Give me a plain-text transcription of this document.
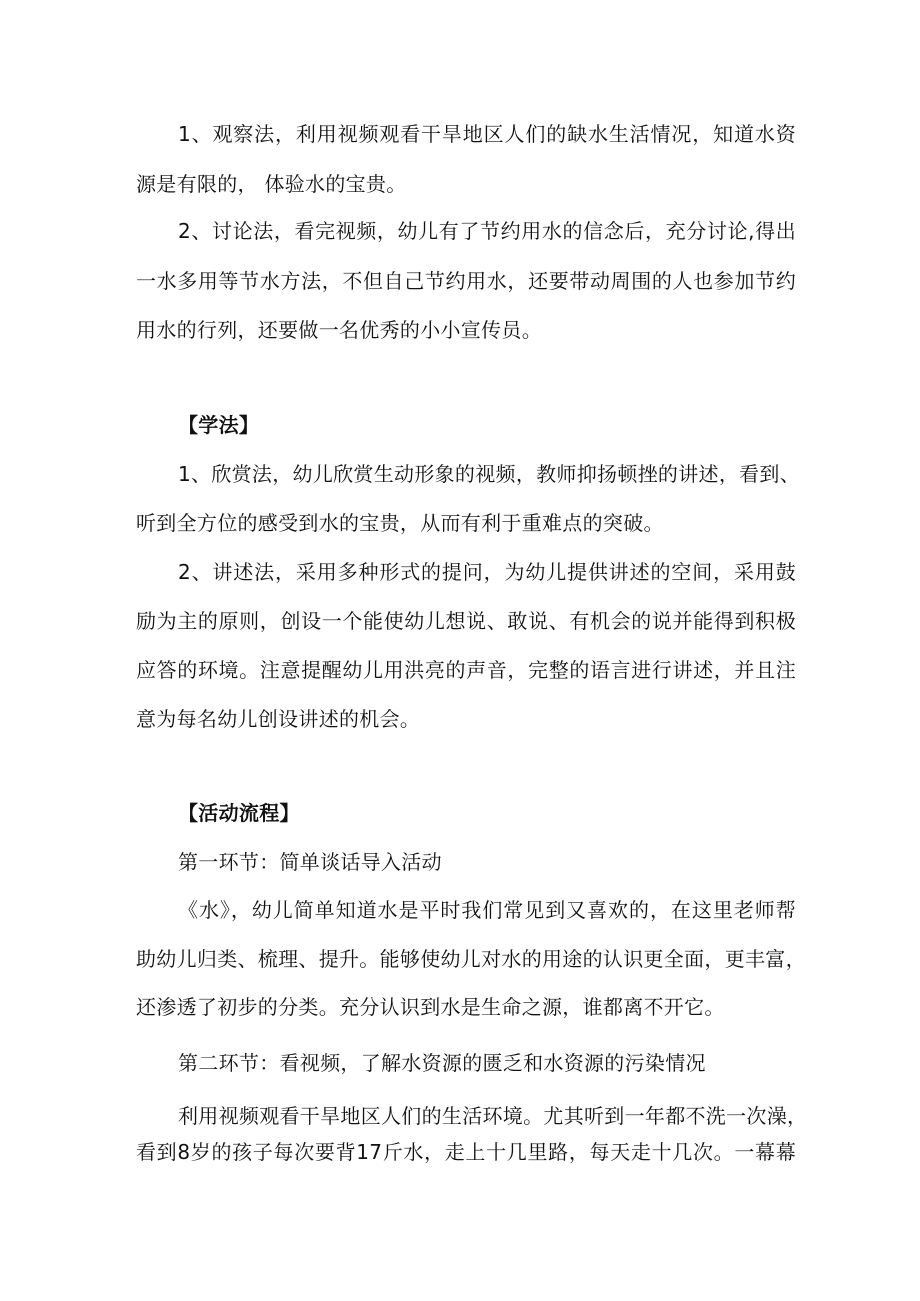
1、观察法，利用视频观看干旱地区人们的缺水生活情况，知道水资
源是有限的， 体验水的宝贵。
2、讨论法，看完视频，幼儿有了节约用水的信念后，充分讨论,得出
一水多用等节水方法，不但自己节约用水，还要带动周围的人也参加节约
用水的行列，还要做一名优秀的小小宣传员。
【学法】
1、欣赏法，幼儿欣赏生动形象的视频，教师抑扬顿挫的讲述，看到、
听到全方位的感受到水的宝贵，从而有利于重难点的突破。
2、讲述法，采用多种形式的提问，为幼儿提供讲述的空间，采用鼓
励为主的原则，创设一个能使幼儿想说、敢说、有机会的说并能得到积极
应答的环境。注意提醒幼儿用洪亮的声音，完整的语言进行讲述，并且注
意为每名幼儿创设讲述的机会。
【活动流程】
第一环节：简单谈话导入活动
《水》，幼儿简单知道水是平时我们常见到又喜欢的，在这里老师帮
助幼儿归类、梳理、提升。能够使幼儿对水的用途的认识更全面，更丰富，
还渗透了初步的分类。充分认识到水是生命之源，谁都离不开它。
第二环节：看视频，了解水资源的匮乏和水资源的污染情况
利用视频观看干旱地区人们的生活环境。尤其听到一年都不洗一次澡，
看到8岁的孩子每次要背17斤水，走上十几里路，每天走十几次。一幕幕
